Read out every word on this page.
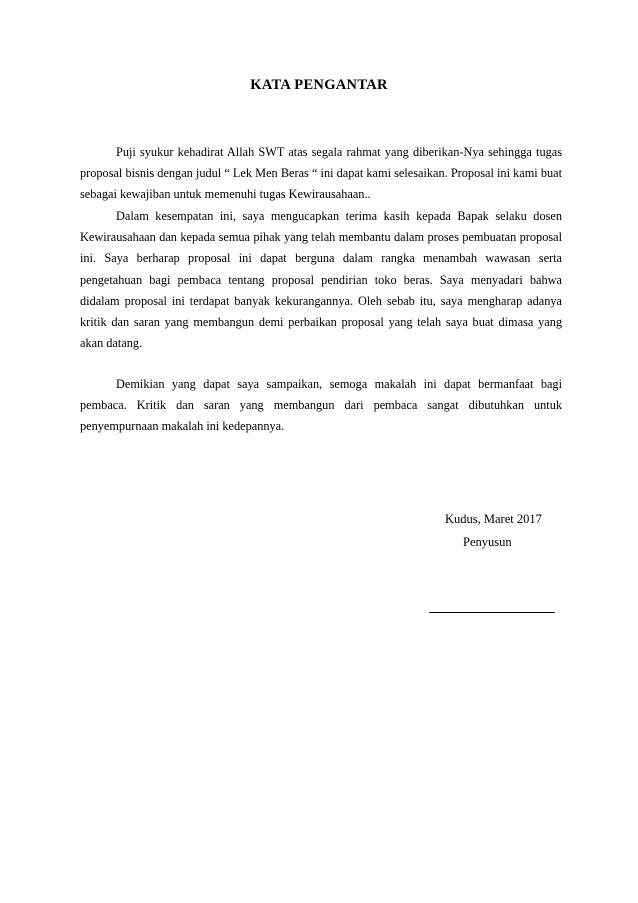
KATA PENGANTAR

Puji syukur kehadirat Allah SWT atas segala rahmat yang diberikan-Nya sehingga tugas proposal bisnis dengan judul “ Lek Men Beras “ ini dapat kami selesaikan. Proposal ini kami buat sebagai kewajiban untuk memenuhi tugas Kewirausahaan..

Dalam kesempatan ini, saya mengucapkan terima kasih kepada Bapak selaku dosen Kewirausahaan dan kepada semua pihak yang telah membantu dalam proses pembuatan proposal ini. Saya berharap proposal ini dapat berguna dalam rangka menambah wawasan serta pengetahuan bagi pembaca tentang proposal pendirian toko beras. Saya menyadari bahwa didalam proposal ini terdapat banyak kekurangannya. Oleh sebab itu, saya mengharap adanya kritik dan saran yang membangun demi perbaikan proposal yang telah saya buat dimasa yang akan datang.

Demikian yang dapat saya sampaikan, semoga makalah ini dapat bermanfaat bagi pembaca. Kritik dan saran yang membangun dari pembaca sangat dibutuhkan untuk penyempurnaan makalah ini kedepannya.

Kudus, Maret 2017
Penyusun
